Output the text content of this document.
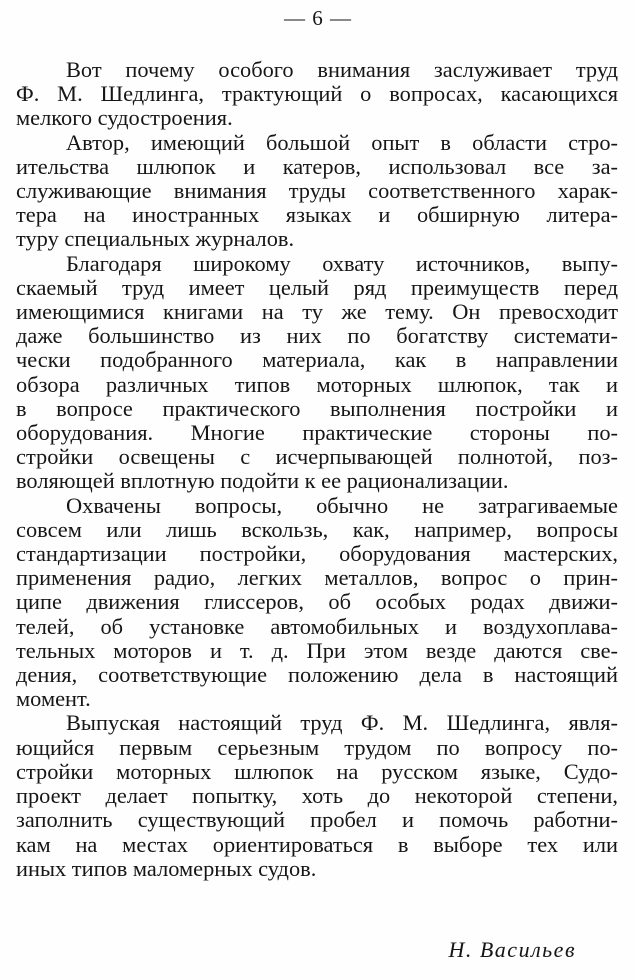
— 6 —

Вот почему особого внимания заслуживает труд
Ф. М. Шедлинга, трактующий о вопросах, касающихся
мелкого судостроения.

Автор, имеющий большой опыт в области стро-
ительства шлюпок и катеров, использовал все за-
служивающие внимания труды соответственного харак-
тера на иностранных языках и обширную литера-
туру специальных журналов.

Благодаря широкому охвату источников, выпу-
скаемый труд имеет целый ряд преимуществ перед
имеющимися книгами на ту же тему. Он превосходит
даже большинство из них по богатству системати-
чески подобранного материала, как в направлении
обзора различных типов моторных шлюпок, так и
в вопросе практического выполнения постройки и
оборудования. Многие практические стороны по-
стройки освещены с исчерпывающей полнотой, поз-
воляющей вплотную подойти к ее рационализации.

Охвачены вопросы, обычно не затрагиваемые
совсем или лишь вскользь, как, например, вопросы
стандартизации постройки, оборудования мастерских,
применения радио, легких металлов, вопрос о прин-
ципе движения глиссеров, об особых родах движи-
телей, об установке автомобильных и воздухоплава-
тельных моторов и т. д. При этом везде даются све-
дения, соответствующие положению дела в настоящий
момент.

Выпуская настоящий труд Ф. М. Шедлинга, явля-
ющийся первым серьезным трудом по вопросу по-
стройки моторных шлюпок на русском языке, Судо-
проект делает попытку, хоть до некоторой степени,
заполнить существующий пробел и помочь работни-
кам на местах ориентироваться в выборе тех или
иных типов маломерных судов.

Н. Васильев
